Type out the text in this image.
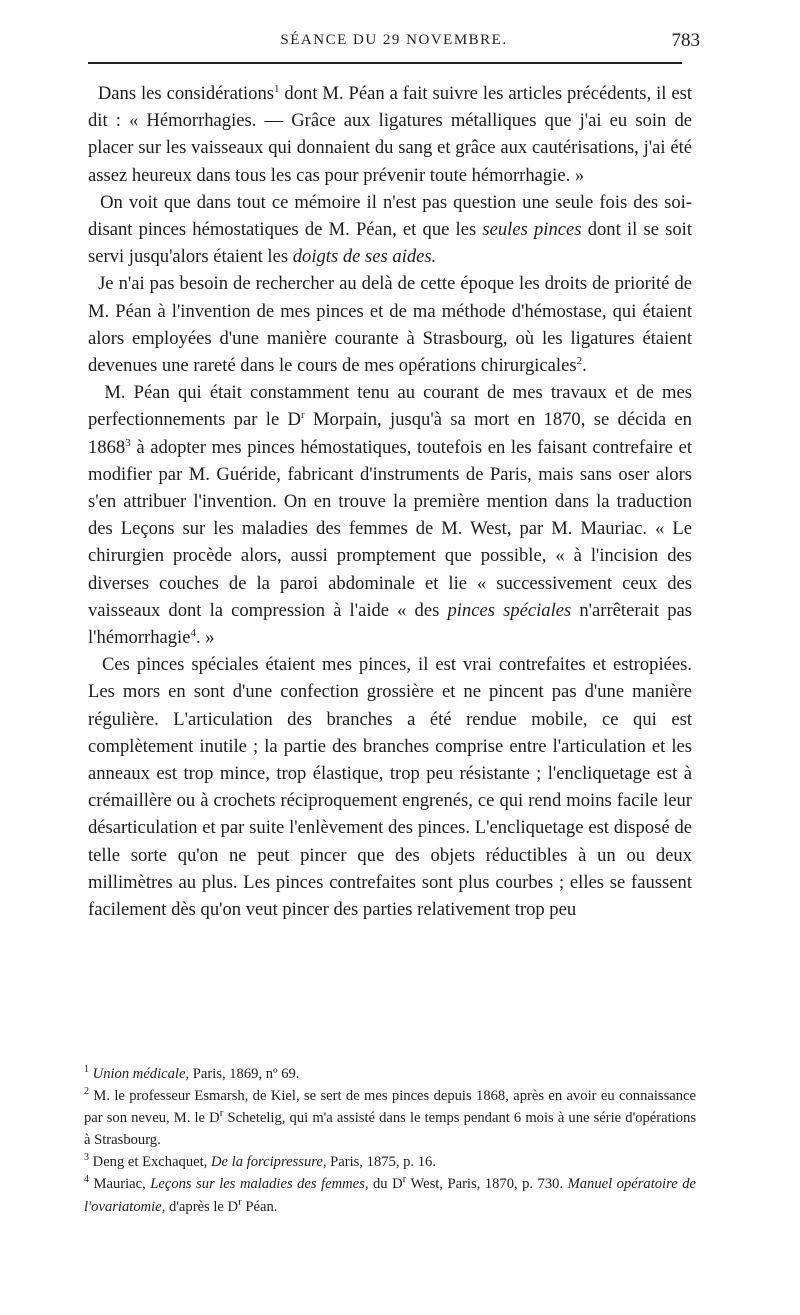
SÉANCE DU 29 NOVEMBRE.	783

Dans les considérations$^1$ dont M. Péan a fait suivre les articles précédents, il est dit : « Hémorrhagies. — Grâce aux ligatures métalliques que j'ai eu soin de placer sur les vaisseaux qui donnaient du sang et grâce aux cautérisations, j'ai été assez heureux dans tous les cas pour prévenir toute hémorrhagie. »

On voit que dans tout ce mémoire il n'est pas question une seule fois des soi-disant pinces hémostatiques de M. Péan, et que les seules pinces dont il se soit servi jusqu'alors étaient les doigts de ses aides.

Je n'ai pas besoin de rechercher au delà de cette époque les droits de priorité de M. Péan à l'invention de mes pinces et de ma méthode d'hémostase, qui étaient alors employées d'une manière courante à Strasbourg, où les ligatures étaient devenues une rareté dans le cours de mes opérations chirurgicales$^2$.

M. Péan qui était constamment tenu au courant de mes travaux et de mes perfectionnements par le $D^r$ Morpain, jusqu'à sa mort en 1870, se décida en 1868$^3$ à adopter mes pinces hémostatiques, toutefois en les faisant contrefaire et modifier par M. Guéride, fabricant d'instruments de Paris, mais sans oser alors s'en attribuer l'invention. On en trouve la première mention dans la traduction des Leçons sur les maladies des femmes de M. West, par M. Mauriac. « Le chirurgien procède alors, aussi promptement que possible, « à l'incision des diverses couches de la paroi abdominale et lie « successivement ceux des vaisseaux dont la compression à l'aide « des pinces spéciales n'arrêterait pas l'hémorrhagie$^4$. »

Ces pinces spéciales étaient mes pinces, il est vrai contrefaites et estropiées. Les mors en sont d'une confection grossière et ne pincent pas d'une manière régulière. L'articulation des branches a été rendue mobile, ce qui est complètement inutile ; la partie des branches comprise entre l'articulation et les anneaux est trop mince, trop élastique, trop peu résistante ; l'encliquetage est à crémaillère ou à crochets réciproquement engrenés, ce qui rend moins facile leur désarticulation et par suite l'enlèvement des pinces. L'encliquetage est disposé de telle sorte qu'on ne peut pincer que des objets réductibles à un ou deux millimètres au plus. Les pinces contrefaites sont plus courbes ; elles se faussent facilement dès qu'on veut pincer des parties relativement trop peu

$^1$ Union médicale, Paris, 1869, nº 69.

$^2$ M. le professeur Esmarsh, de Kiel, se sert de mes pinces depuis 1868, après en avoir eu connaissance par son neveu, M. le $D^r$ Schetelig, qui m'a assisté dans le temps pendant 6 mois à une série d'opérations à Strasbourg.

$^3$ Deng et Exchaquet, De la forcipressure, Paris, 1875, p. 16.

$^4$ Mauriac, Leçons sur les maladies des femmes, du $D^r$ West, Paris, 1870, p. 730. Manuel opératoire de l'ovariatomie, d'après le $D^r$ Péan.
